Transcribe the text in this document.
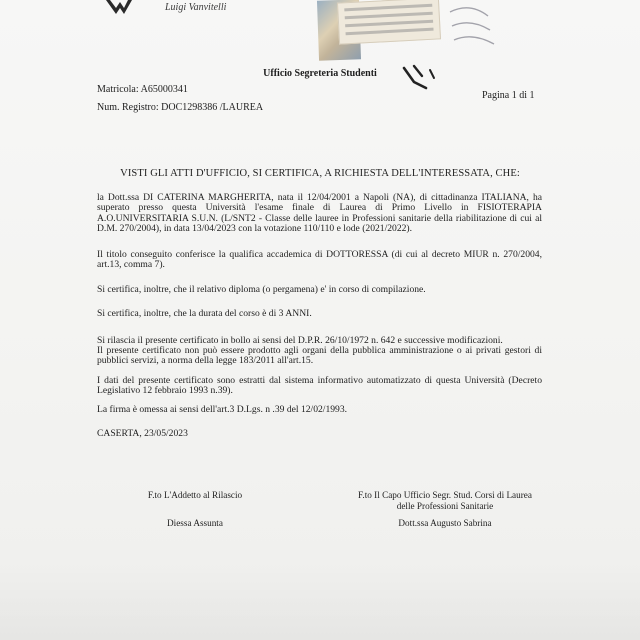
Luigi Vanvitelli
Ufficio Segreteria Studenti
Matricola: A65000341
Num. Registro: DOC1298386 /LAUREA
Pagina 1 di 1
VISTI GLI ATTI D'UFFICIO, SI CERTIFICA, A RICHIESTA DELL'INTERESSATA, CHE:
la Dott.ssa DI CATERINA MARGHERITA, nata il 12/04/2001 a Napoli (NA), di cittadinanza ITALIANA, ha superato presso questa Università l'esame finale di Laurea di Primo Livello in FISIOTERAPIA A.O.UNIVERSITARIA S.U.N. (L/SNT2 - Classe delle lauree in Professioni sanitarie della riabilitazione di cui al D.M. 270/2004), in data 13/04/2023 con la votazione 110/110 e lode (2021/2022).
Il titolo conseguito conferisce la qualifica accademica di DOTTORESSA (di cui al decreto MIUR n. 270/2004, art.13, comma 7).
Si certifica, inoltre, che il relativo diploma (o pergamena) e' in corso di compilazione.
Si certifica, inoltre, che la durata del corso è di 3 ANNI.
Si rilascia il presente certificato in bollo ai sensi del D.P.R. 26/10/1972 n. 642 e successive modificazioni.
Il presente certificato non può essere prodotto agli organi della pubblica amministrazione o ai privati gestori di pubblici servizi, a norma della legge 183/2011 all'art.15.
I dati del presente certificato sono estratti dal sistema informativo automatizzato di questa Università (Decreto Legislativo 12 febbraio 1993 n.39).
La firma è omessa ai sensi dell'art.3 D.Lgs. n .39 del 12/02/1993.
CASERTA, 23/05/2023
F.to L'Addetto al Rilascio
Diessa Assunta
F.to Il Capo Ufficio Segr. Stud. Corsi di Laurea
delle Professioni Sanitarie
Dott.ssa Augusto Sabrina
